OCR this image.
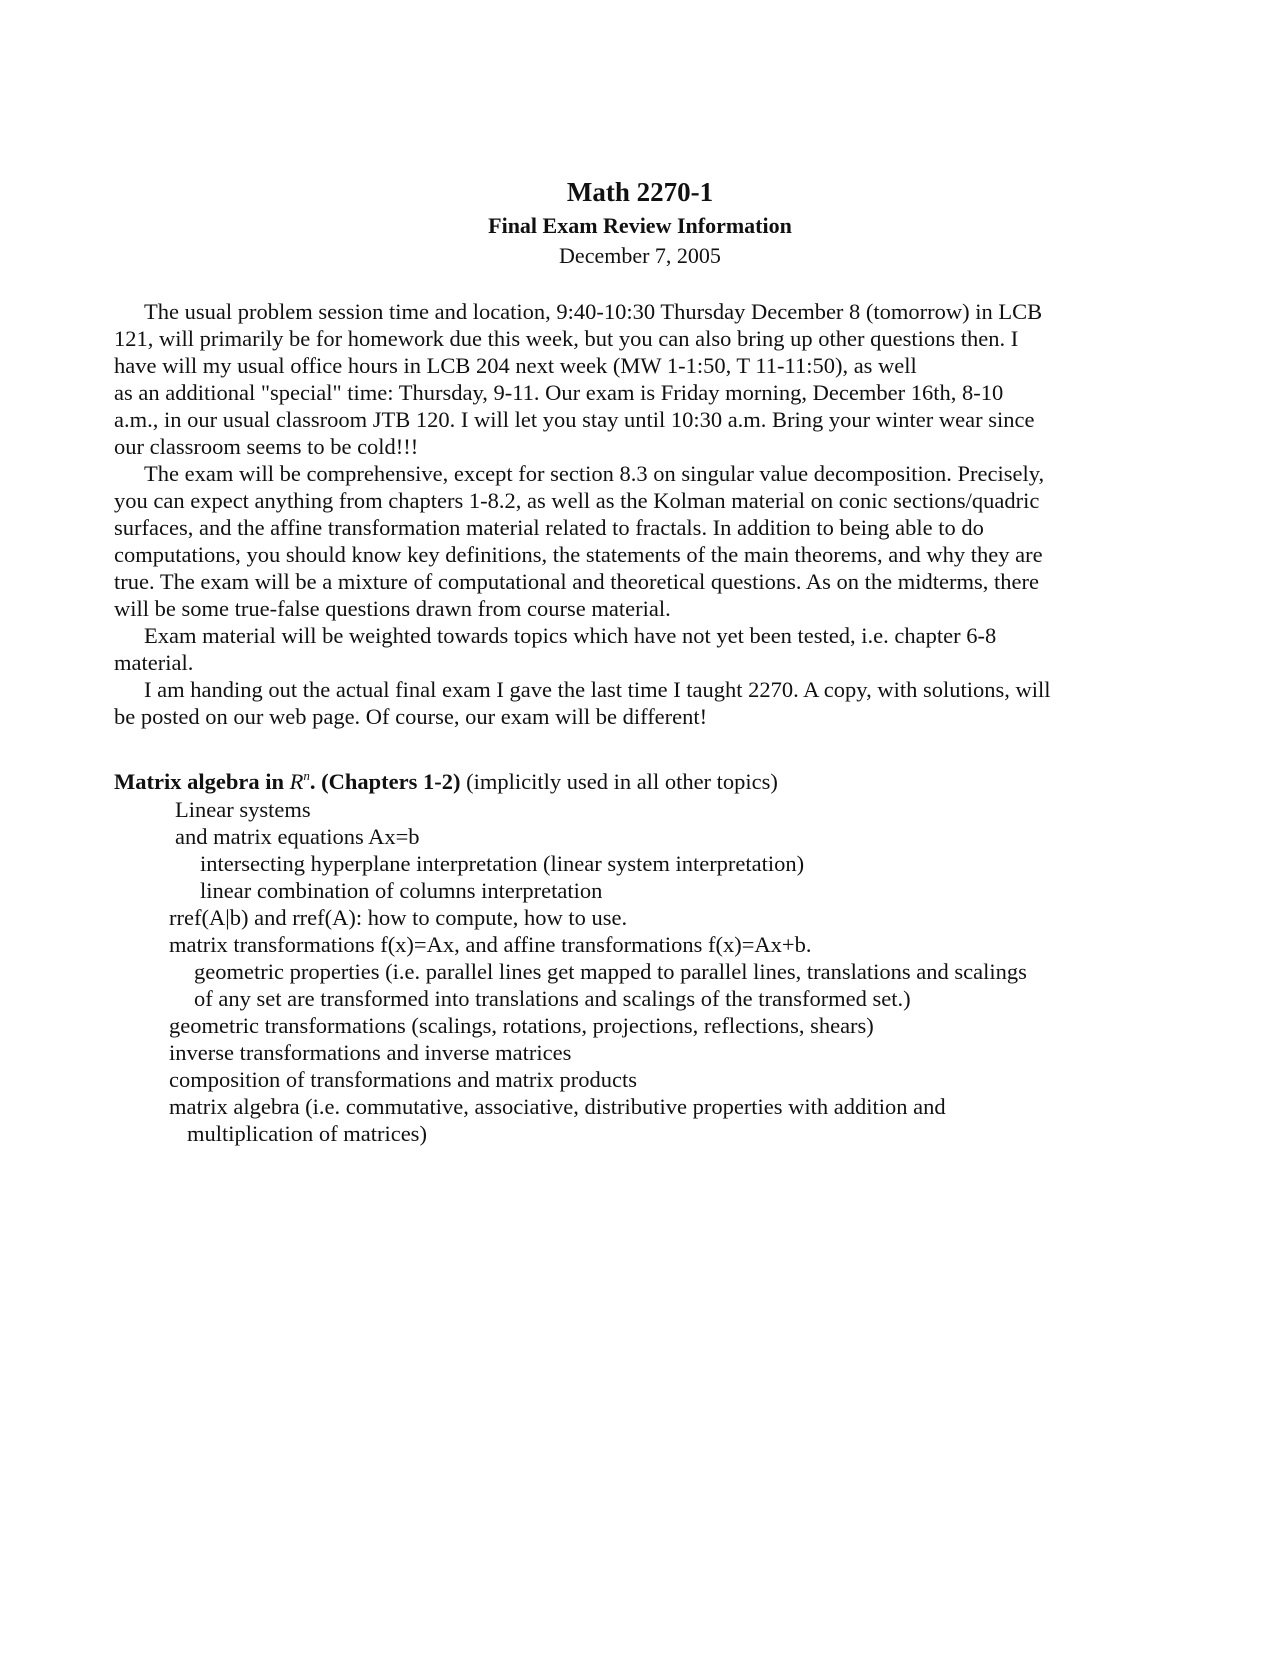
Math 2270-1
Final Exam Review Information
December 7, 2005
The usual problem session time and location, 9:40-10:30 Thursday December 8 (tomorrow) in LCB
121, will primarily be for homework due this week, but you can also bring up other questions then. I
have will my usual office hours in LCB 204 next week (MW 1-1:50, T 11-11:50), as well
as an additional "special" time: Thursday, 9-11. Our exam is Friday morning, December 16th, 8-10
a.m., in our usual classroom JTB 120. I will let you stay until 10:30 a.m. Bring your winter wear since
our classroom seems to be cold!!!
The exam will be comprehensive, except for section 8.3 on singular value decomposition. Precisely,
you can expect anything from chapters 1-8.2, as well as the Kolman material on conic sections/quadric
surfaces, and the affine transformation material related to fractals. In addition to being able to do
computations, you should know key definitions, the statements of the main theorems, and why they are
true. The exam will be a mixture of computational and theoretical questions. As on the midterms, there
will be some true-false questions drawn from course material.
Exam material will be weighted towards topics which have not yet been tested, i.e. chapter 6-8
material.
I am handing out the actual final exam I gave the last time I taught 2270. A copy, with solutions, will
be posted on our web page. Of course, our exam will be different!
Matrix algebra in $R^n$. (Chapters 1-2) (implicitly used in all other topics)
Linear systems
and matrix equations Ax=b
intersecting hyperplane interpretation (linear system interpretation)
linear combination of columns interpretation
rref(A|b) and rref(A): how to compute, how to use.
matrix transformations f(x)=Ax, and affine transformations f(x)=Ax+b.
geometric properties (i.e. parallel lines get mapped to parallel lines, translations and scalings
of any set are transformed into translations and scalings of the transformed set.)
geometric transformations (scalings, rotations, projections, reflections, shears)
inverse transformations and inverse matrices
composition of transformations and matrix products
matrix algebra (i.e. commutative, associative, distributive properties with addition and
multiplication of matrices)
